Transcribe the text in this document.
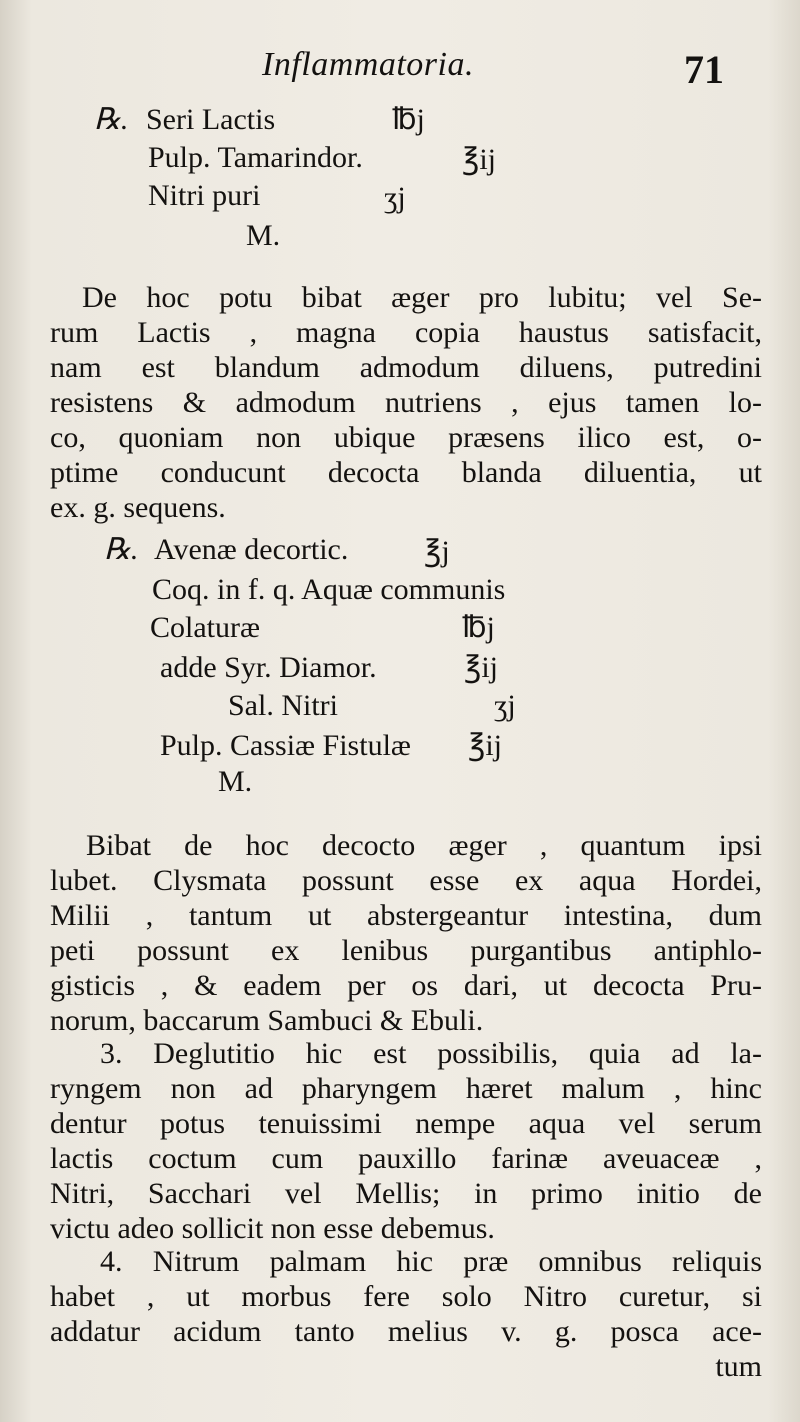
Inflammatoria.	71
℞. Seri Lactis	℔j
Pulp. Tamarindor.	℥ij
Nitri puri	ʒj
M.
De hoc potu bibat æger pro lubitu; vel Se-
rum Lactis , magna copia haustus satisfacit,
nam est blandum admodum diluens, putredini
resistens & admodum nutriens , ejus tamen lo-
co, quoniam non ubique præsens ilico est, o-
ptime conducunt decocta blanda diluentia, ut
ex. g. sequens.
℞. Avenæ decortic.	℥j
Coq. in f. q. Aquæ communis
Colaturæ	℔j
adde Syr. Diamor.	℥ij
Sal. Nitri	ʒj
Pulp. Cassiæ Fistulæ ℥ij
M.
Bibat de hoc decocto æger , quantum ipsi
lubet. Clysmata possunt esse ex aqua Hordei,
Milii , tantum ut abstergeantur intestina, dum
peti possunt ex lenibus purgantibus antiphlo-
gisticis , & eadem per os dari, ut decocta Pru-
norum, baccarum Sambuci & Ebuli.
3. Deglutitio hic est possibilis, quia ad la-
ryngem non ad pharyngem hæret malum , hinc
dentur potus tenuissimi nempe aqua vel serum
lactis coctum cum pauxillo farinæ aveuaceæ ,
Nitri, Sacchari vel Mellis; in primo initio de
victu adeo sollicit non esse debemus.
4. Nitrum palmam hic præ omnibus reliquis
habet , ut morbus fere solo Nitro curetur, si
addatur acidum tanto melius v. g. posca ace-
tum
